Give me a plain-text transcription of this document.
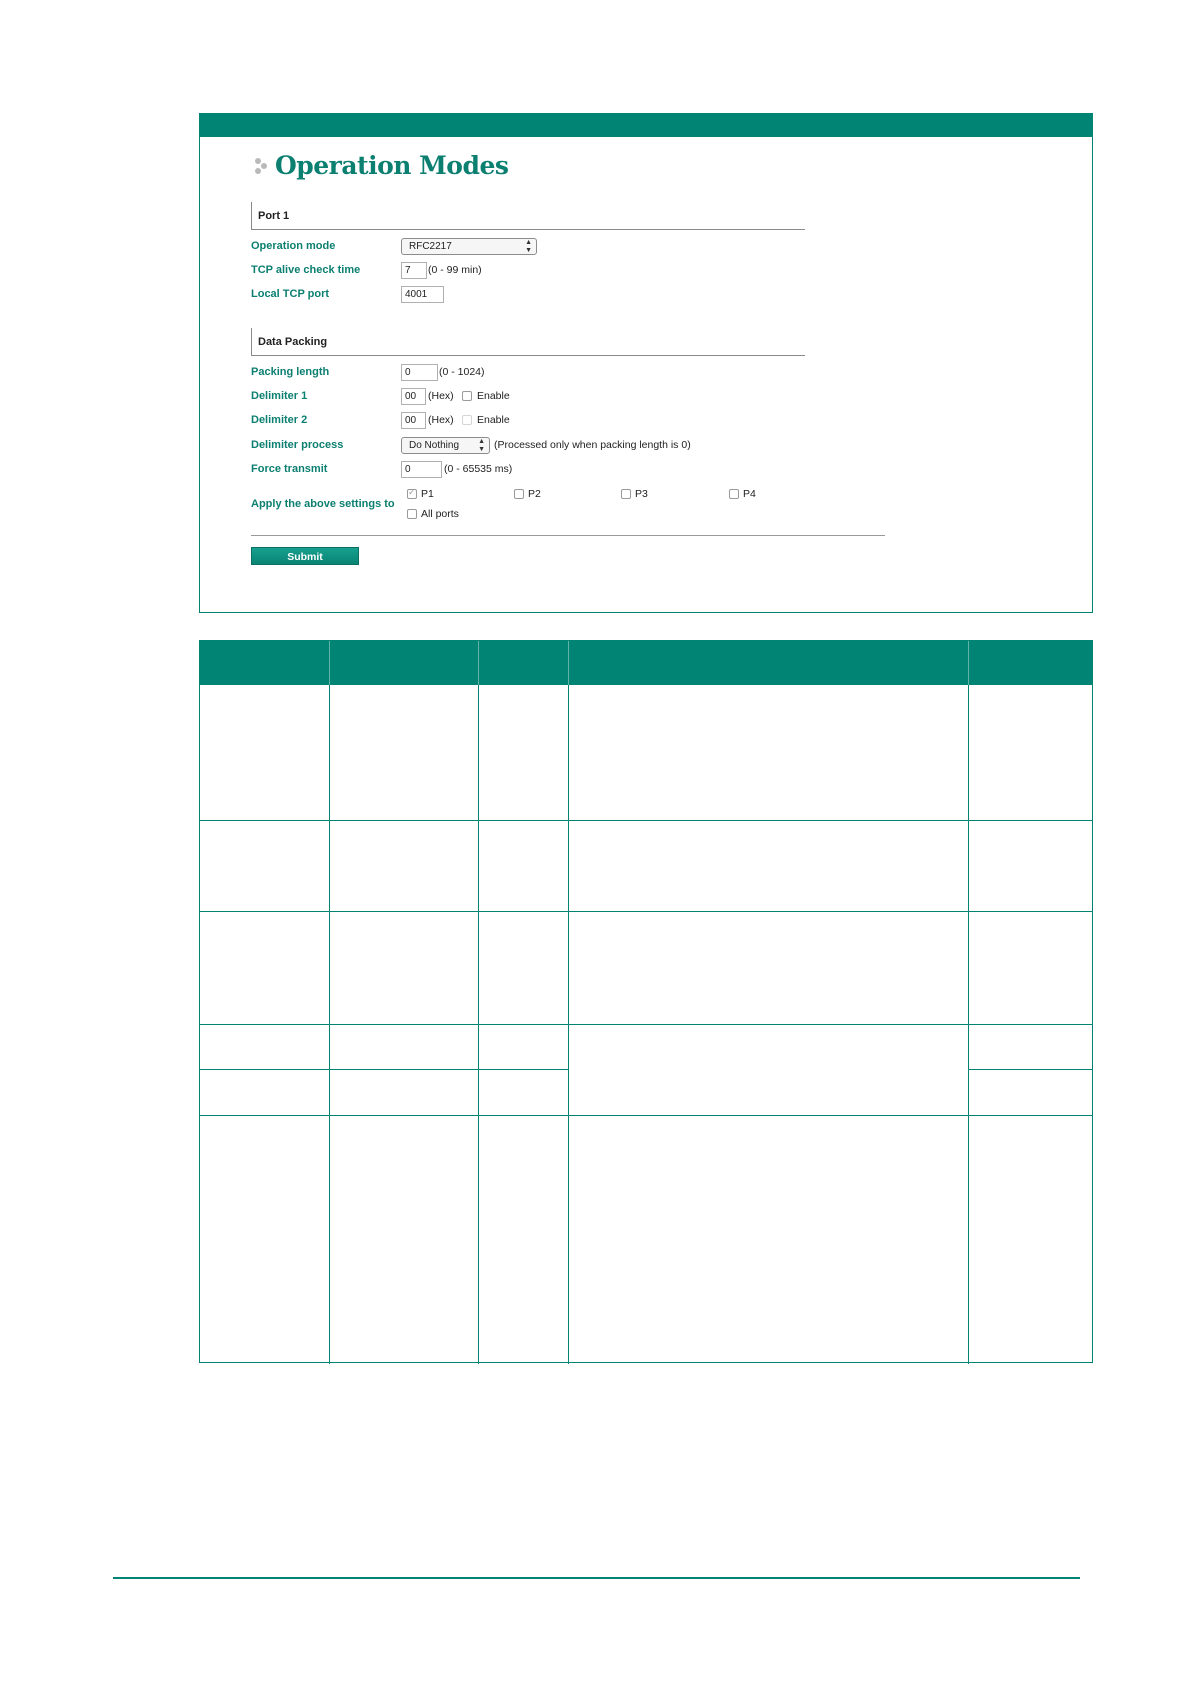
Operation Modes
Port 1
Operation mode	RFC2217	▲
▼
TCP alive check time	7	(0 - 99 min)
Local TCP port	4001
Data Packing
Packing length	0	(0 - 1024)
Delimiter 1	00	(Hex) Enable
Delimiter 2	00	(Hex) Enable
Delimiter process	Do Nothing	▲
▼ (Processed only when packing length is 0)
Force transmit	0	(0 - 65535 ms)
Apply the above settings to
✓
P1	P2	P3	P4
All ports
Submit
